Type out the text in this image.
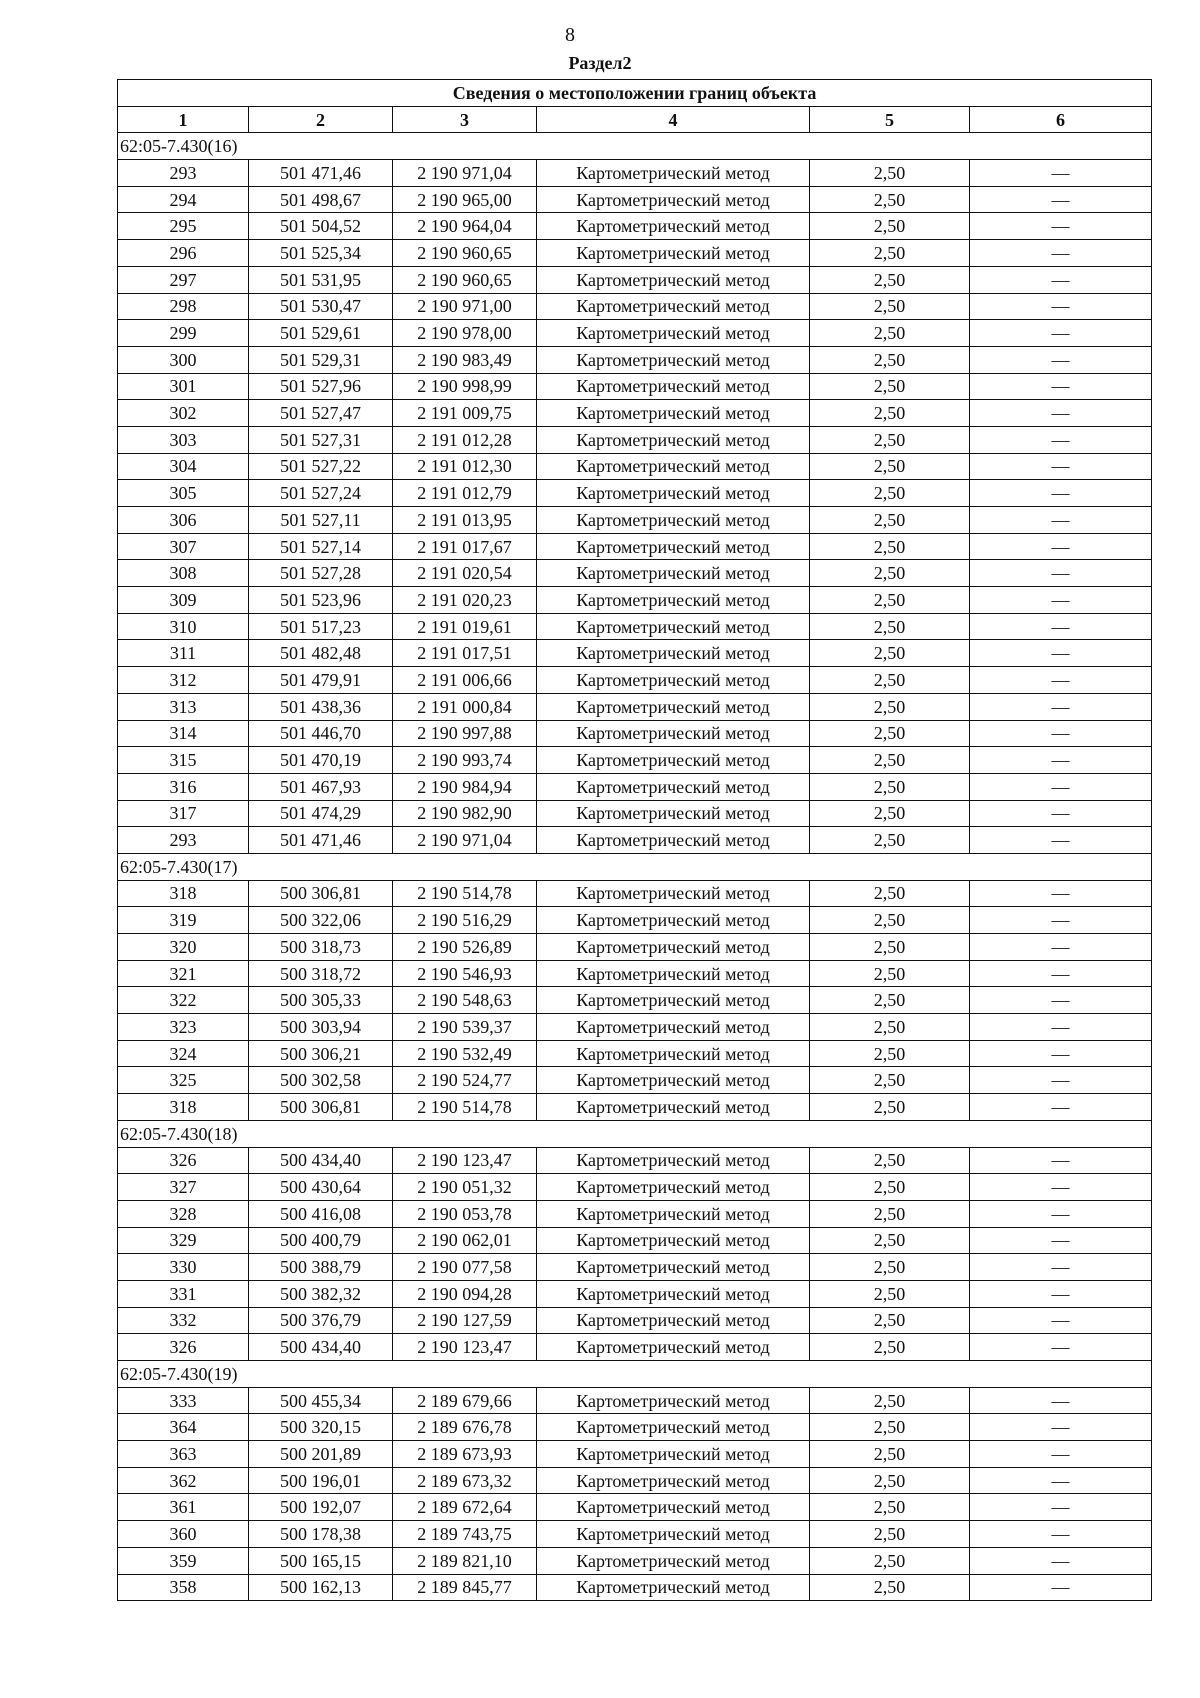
8
Раздел2
Сведения о местоположении границ объекта					
1	2	3	4	5	6
62:05-7.430(16)					
293	501 471,46	2 190 971,04	Картометрический метод	2,50	—
294	501 498,67	2 190 965,00	Картометрический метод	2,50	—
295	501 504,52	2 190 964,04	Картометрический метод	2,50	—
296	501 525,34	2 190 960,65	Картометрический метод	2,50	—
297	501 531,95	2 190 960,65	Картометрический метод	2,50	—
298	501 530,47	2 190 971,00	Картометрический метод	2,50	—
299	501 529,61	2 190 978,00	Картометрический метод	2,50	—
300	501 529,31	2 190 983,49	Картометрический метод	2,50	—
301	501 527,96	2 190 998,99	Картометрический метод	2,50	—
302	501 527,47	2 191 009,75	Картометрический метод	2,50	—
303	501 527,31	2 191 012,28	Картометрический метод	2,50	—
304	501 527,22	2 191 012,30	Картометрический метод	2,50	—
305	501 527,24	2 191 012,79	Картометрический метод	2,50	—
306	501 527,11	2 191 013,95	Картометрический метод	2,50	—
307	501 527,14	2 191 017,67	Картометрический метод	2,50	—
308	501 527,28	2 191 020,54	Картометрический метод	2,50	—
309	501 523,96	2 191 020,23	Картометрический метод	2,50	—
310	501 517,23	2 191 019,61	Картометрический метод	2,50	—
311	501 482,48	2 191 017,51	Картометрический метод	2,50	—
312	501 479,91	2 191 006,66	Картометрический метод	2,50	—
313	501 438,36	2 191 000,84	Картометрический метод	2,50	—
314	501 446,70	2 190 997,88	Картометрический метод	2,50	—
315	501 470,19	2 190 993,74	Картометрический метод	2,50	—
316	501 467,93	2 190 984,94	Картометрический метод	2,50	—
317	501 474,29	2 190 982,90	Картометрический метод	2,50	—
293	501 471,46	2 190 971,04	Картометрический метод	2,50	—
62:05-7.430(17)					
318	500 306,81	2 190 514,78	Картометрический метод	2,50	—
319	500 322,06	2 190 516,29	Картометрический метод	2,50	—
320	500 318,73	2 190 526,89	Картометрический метод	2,50	—
321	500 318,72	2 190 546,93	Картометрический метод	2,50	—
322	500 305,33	2 190 548,63	Картометрический метод	2,50	—
323	500 303,94	2 190 539,37	Картометрический метод	2,50	—
324	500 306,21	2 190 532,49	Картометрический метод	2,50	—
325	500 302,58	2 190 524,77	Картометрический метод	2,50	—
318	500 306,81	2 190 514,78	Картометрический метод	2,50	—
62:05-7.430(18)					
326	500 434,40	2 190 123,47	Картометрический метод	2,50	—
327	500 430,64	2 190 051,32	Картометрический метод	2,50	—
328	500 416,08	2 190 053,78	Картометрический метод	2,50	—
329	500 400,79	2 190 062,01	Картометрический метод	2,50	—
330	500 388,79	2 190 077,58	Картометрический метод	2,50	—
331	500 382,32	2 190 094,28	Картометрический метод	2,50	—
332	500 376,79	2 190 127,59	Картометрический метод	2,50	—
326	500 434,40	2 190 123,47	Картометрический метод	2,50	—
62:05-7.430(19)					
333	500 455,34	2 189 679,66	Картометрический метод	2,50	—
364	500 320,15	2 189 676,78	Картометрический метод	2,50	—
363	500 201,89	2 189 673,93	Картометрический метод	2,50	—
362	500 196,01	2 189 673,32	Картометрический метод	2,50	—
361	500 192,07	2 189 672,64	Картометрический метод	2,50	—
360	500 178,38	2 189 743,75	Картометрический метод	2,50	—
359	500 165,15	2 189 821,10	Картометрический метод	2,50	—
358	500 162,13	2 189 845,77	Картометрический метод	2,50	—
